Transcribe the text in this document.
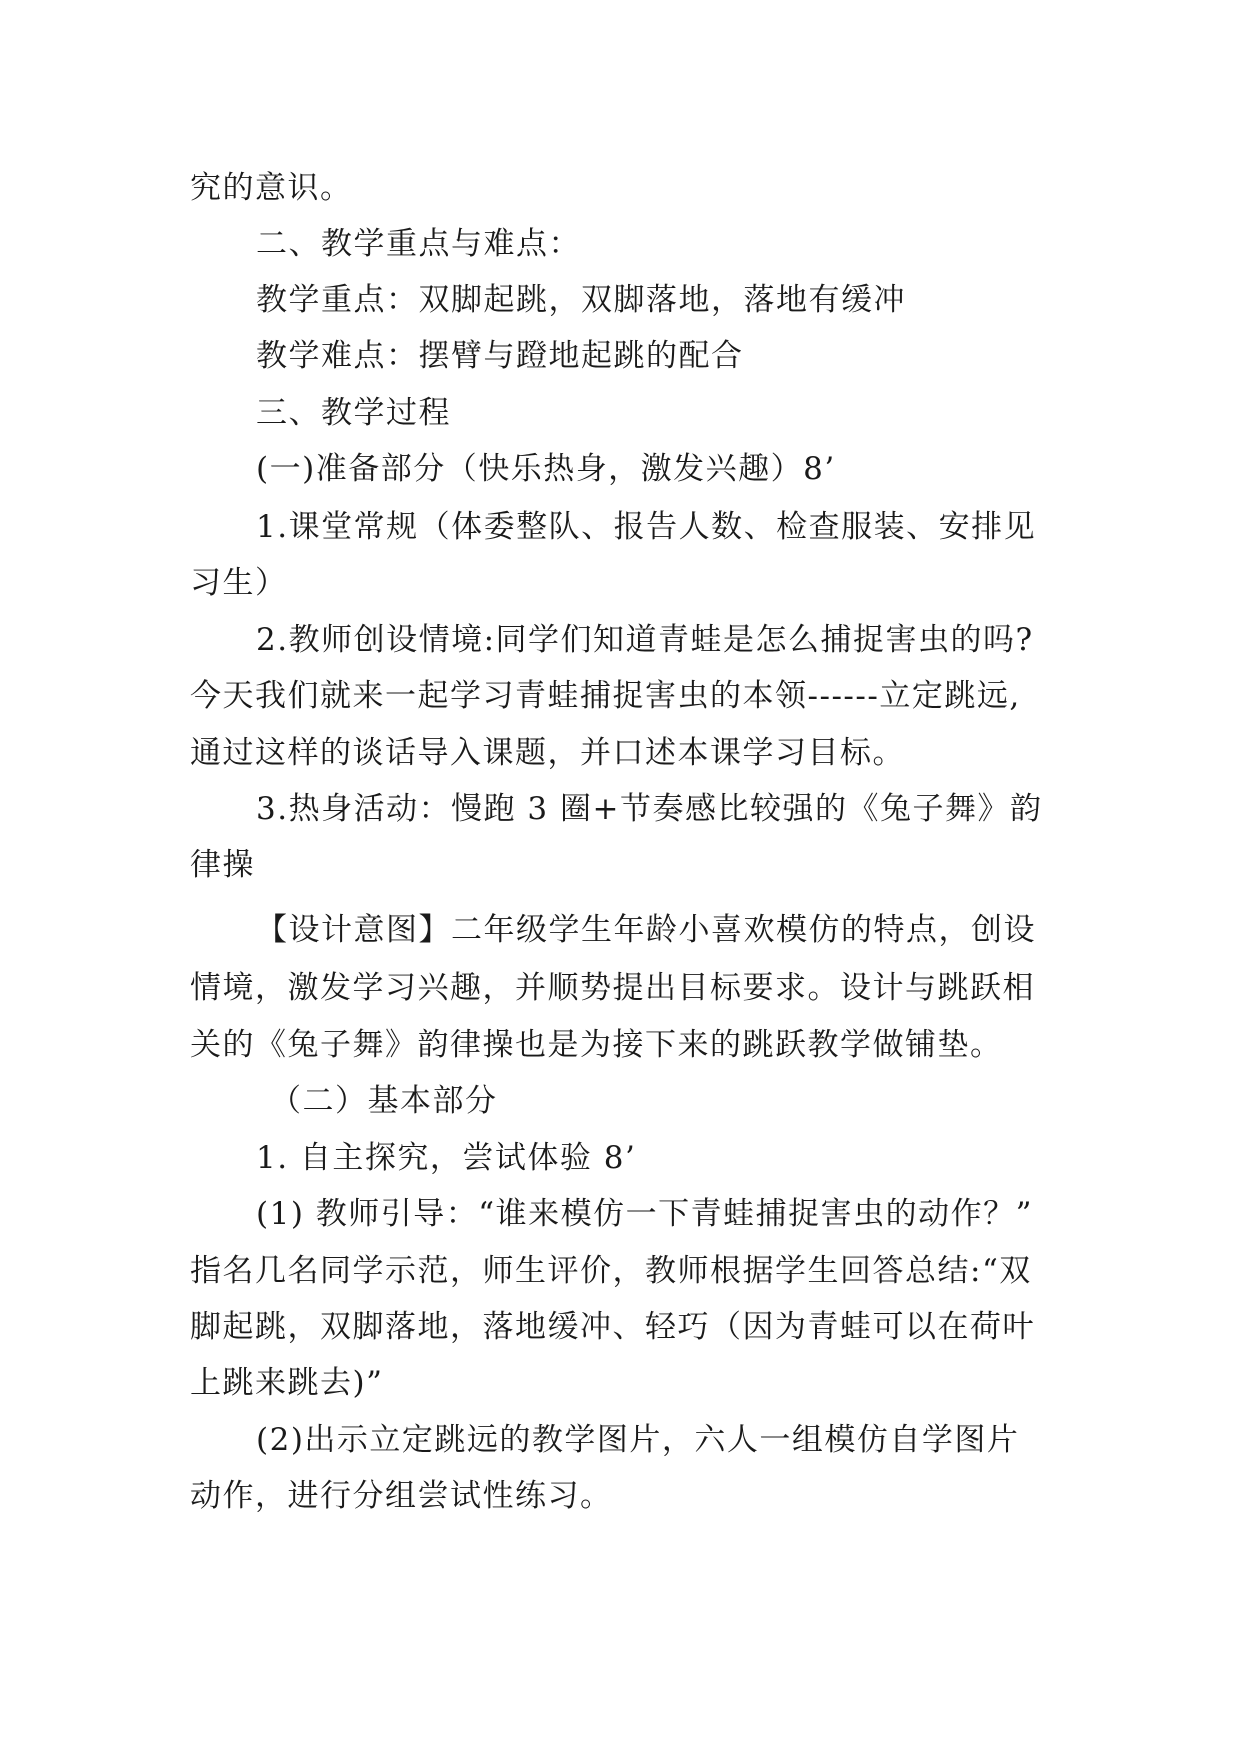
究的意识。
二、教学重点与难点：
教学重点：双脚起跳，双脚落地，落地有缓冲
教学难点：摆臂与蹬地起跳的配合
三、教学过程
(一)准备部分（快乐热身，激发兴趣）8’
1.课堂常规（体委整队、报告人数、检查服装、安排见
习生）
2.教师创设情境:同学们知道青蛙是怎么捕捉害虫的吗?
今天我们就来一起学习青蛙捕捉害虫的本领------立定跳远,
通过这样的谈话导入课题，并口述本课学习目标。
3.热身活动：慢跑 3 圈+节奏感比较强的《兔子舞》韵
律操
【设计意图】二年级学生年龄小喜欢模仿的特点，创设
情境，激发学习兴趣，并顺势提出目标要求。设计与跳跃相
关的《兔子舞》韵律操也是为接下来的跳跃教学做铺垫。
（二）基本部分
1. 自主探究，尝试体验 8’
(1) 教师引导：“谁来模仿一下青蛙捕捉害虫的动作？”
指名几名同学示范，师生评价，教师根据学生回答总结:“双
脚起跳，双脚落地，落地缓冲、轻巧（因为青蛙可以在荷叶
上跳来跳去)”
(2)出示立定跳远的教学图片，六人一组模仿自学图片
动作，进行分组尝试性练习。
